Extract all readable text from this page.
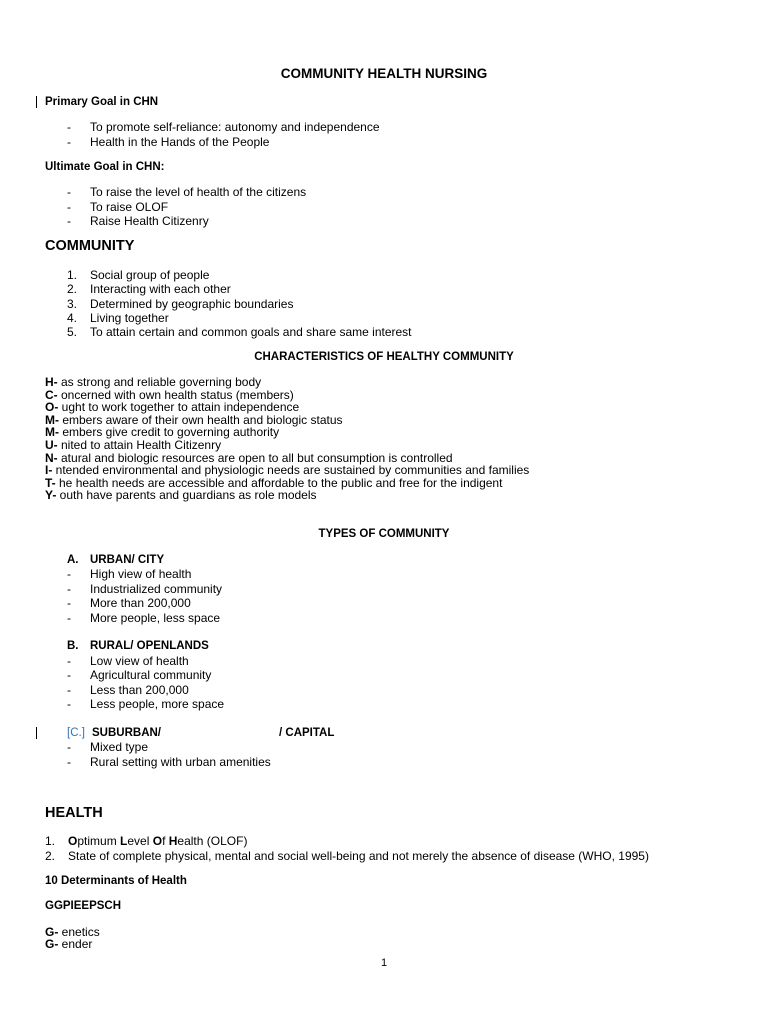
COMMUNITY HEALTH NURSING
Primary Goal in CHN
-	To promote self-reliance: autonomy and independence
-	Health in the Hands of the People
Ultimate Goal in CHN:
-	To raise the level of health of the citizens
-	To raise OLOF
-	Raise Health Citizenry
COMMUNITY
1. Social group of people
2. Interacting with each other
3. Determined by geographic boundaries
4. Living together
5. To attain certain and common goals and share same interest
CHARACTERISTICS OF HEALTHY COMMUNITY
H- as strong and reliable governing body
C- oncerned with own health status (members)
O- ught to work together to attain independence
M- embers aware of their own health and biologic status
M- embers give credit to governing authority
U- nited to attain Health Citizenry
N- atural and biologic resources are open to all but consumption is controlled
I- ntended environmental and physiologic needs are sustained by communities and families
T- he health needs are accessible and affordable to the public and free for the indigent
Y- outh have parents and guardians as role models
TYPES OF COMMUNITY
A. URBAN/ CITY
-	High view of health
-	Industrialized community
-	More than 200,000
-	More people, less space
B. RURAL/ OPENLANDS
-	Low view of health
-	Agricultural community
-	Less than 200,000
-	Less people, more space
[C.] SUBURBAN/	/ CAPITAL
-	Mixed type
-	Rural setting with urban amenities
HEALTH
1. Optimum Level Of Health (OLOF)
2. State of complete physical, mental and social well-being and not merely the absence of disease (WHO, 1995)
10 Determinants of Health
GGPIEEPSCH
G- enetics
G- ender
1
